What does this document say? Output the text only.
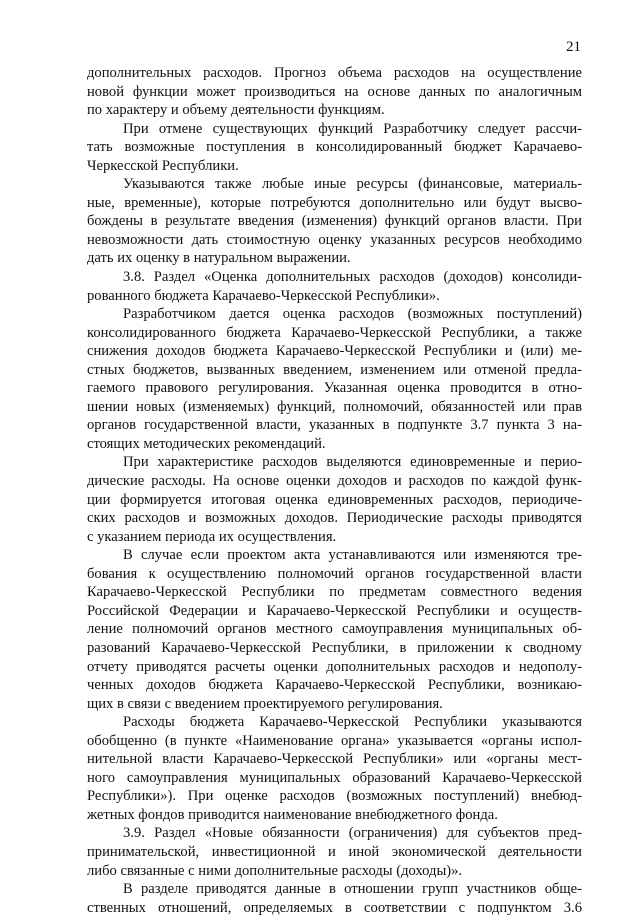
21
дополнительных расходов. Прогноз объема расходов на осуществление
новой функции может производиться на основе данных по аналогичным
по характеру и объему деятельности функциям.
При отмене существующих функций Разработчику следует рассчи-
тать возможные поступления в консолидированный бюджет Карачаево-
Черкесской Республики.
Указываются также любые иные ресурсы (финансовые, материаль-
ные, временные), которые потребуются дополнительно или будут высво-
бождены в результате введения (изменения) функций органов власти. При
невозможности дать стоимостную оценку указанных ресурсов необходимо
дать их оценку в натуральном выражении.
3.8. Раздел «Оценка дополнительных расходов (доходов) консолиди-
рованного бюджета Карачаево-Черкесской Республики».
Разработчиком дается оценка расходов (возможных поступлений)
консолидированного бюджета Карачаево-Черкесской Республики, а также
снижения доходов бюджета Карачаево-Черкесской Республики и (или) ме-
стных бюджетов, вызванных введением, изменением или отменой предла-
гаемого правового регулирования. Указанная оценка проводится в отно-
шении новых (изменяемых) функций, полномочий, обязанностей или прав
органов государственной власти, указанных в подпункте 3.7 пункта 3 на-
стоящих методических рекомендаций.
При характеристике расходов выделяются единовременные и перио-
дические расходы. На основе оценки доходов и расходов по каждой функ-
ции формируется итоговая оценка единовременных расходов, периодиче-
ских расходов и возможных доходов. Периодические расходы приводятся
с указанием периода их осуществления.
В случае если проектом акта устанавливаются или изменяются тре-
бования к осуществлению полномочий органов государственной власти
Карачаево-Черкесской Республики по предметам совместного ведения
Российской Федерации и Карачаево-Черкесской Республики и осуществ-
ление полномочий органов местного самоуправления муниципальных об-
разований Карачаево-Черкесской Республики, в приложении к сводному
отчету приводятся расчеты оценки дополнительных расходов и недополу-
ченных доходов бюджета Карачаево-Черкесской Республики, возникаю-
щих в связи с введением проектируемого регулирования.
Расходы бюджета Карачаево-Черкесской Республики указываются
обобщенно (в пункте «Наименование органа» указывается «органы испол-
нительной власти Карачаево-Черкесской Республики» или «органы мест-
ного самоуправления муниципальных образований Карачаево-Черкесской
Республики»). При оценке расходов (возможных поступлений) внебюд-
жетных фондов приводится наименование внебюджетного фонда.
3.9. Раздел «Новые обязанности (ограничения) для субъектов пред-
принимательской, инвестиционной и иной экономической деятельности
либо связанные с ними дополнительные расходы (доходы)».
В разделе приводятся данные в отношении групп участников обще-
ственных отношений, определяемых в соответствии с подпунктом 3.6
